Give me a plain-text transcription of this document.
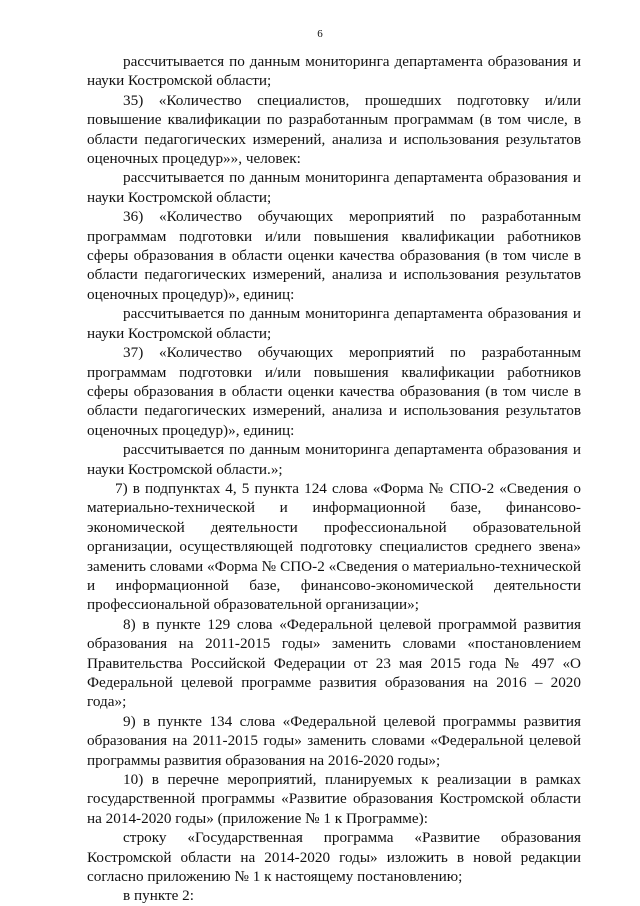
6

рассчитывается по данным мониторинга департамента образования и науки Костромской области;

35) «Количество специалистов, прошедших подготовку и/или повышение квалификации по разработанным программам (в том числе, в области педагогических измерений, анализа и использования результатов оценочных процедур»», человек:

рассчитывается по данным мониторинга департамента образования и науки Костромской области;

36) «Количество обучающих мероприятий по разработанным программам подготовки и/или повышения квалификации работников сферы образования в области оценки качества образования (в том числе в области педагогических измерений, анализа и использования результатов оценочных процедур)», единиц:

рассчитывается по данным мониторинга департамента образования и науки Костромской области;

37) «Количество обучающих мероприятий по разработанным программам подготовки и/или повышения квалификации работников сферы образования в области оценки качества образования (в том числе в области педагогических измерений, анализа и использования результатов оценочных процедур)», единиц:

рассчитывается по данным мониторинга департамента образования и науки Костромской области.»;

7) в подпунктах 4, 5 пункта 124 слова «Форма № СПО-2 «Сведения о материально-технической и информационной базе, финансово-экономической деятельности профессиональной образовательной организации, осуществляющей подготовку специалистов среднего звена» заменить словами «Форма № СПО-2 «Сведения о материально-технической и информационной базе, финансово-экономической деятельности профессиональной образовательной организации»;

8) в пункте 129 слова «Федеральной целевой программой развития образования на 2011-2015 годы» заменить словами «постановлением Правительства Российской Федерации от 23 мая 2015 года № 497 «О Федеральной целевой программе развития образования на 2016 – 2020 года»;

9) в пункте 134 слова «Федеральной целевой программы развития образования на 2011-2015 годы» заменить словами «Федеральной целевой программы развития образования на 2016-2020 годы»;

10) в перечне мероприятий, планируемых к реализации в рамках государственной программы «Развитие образования Костромской области на 2014-2020 годы» (приложение № 1 к Программе):

строку «Государственная программа «Развитие образования Костромской области на 2014-2020 годы» изложить в новой редакции согласно приложению № 1 к настоящему постановлению;

в пункте 2:
